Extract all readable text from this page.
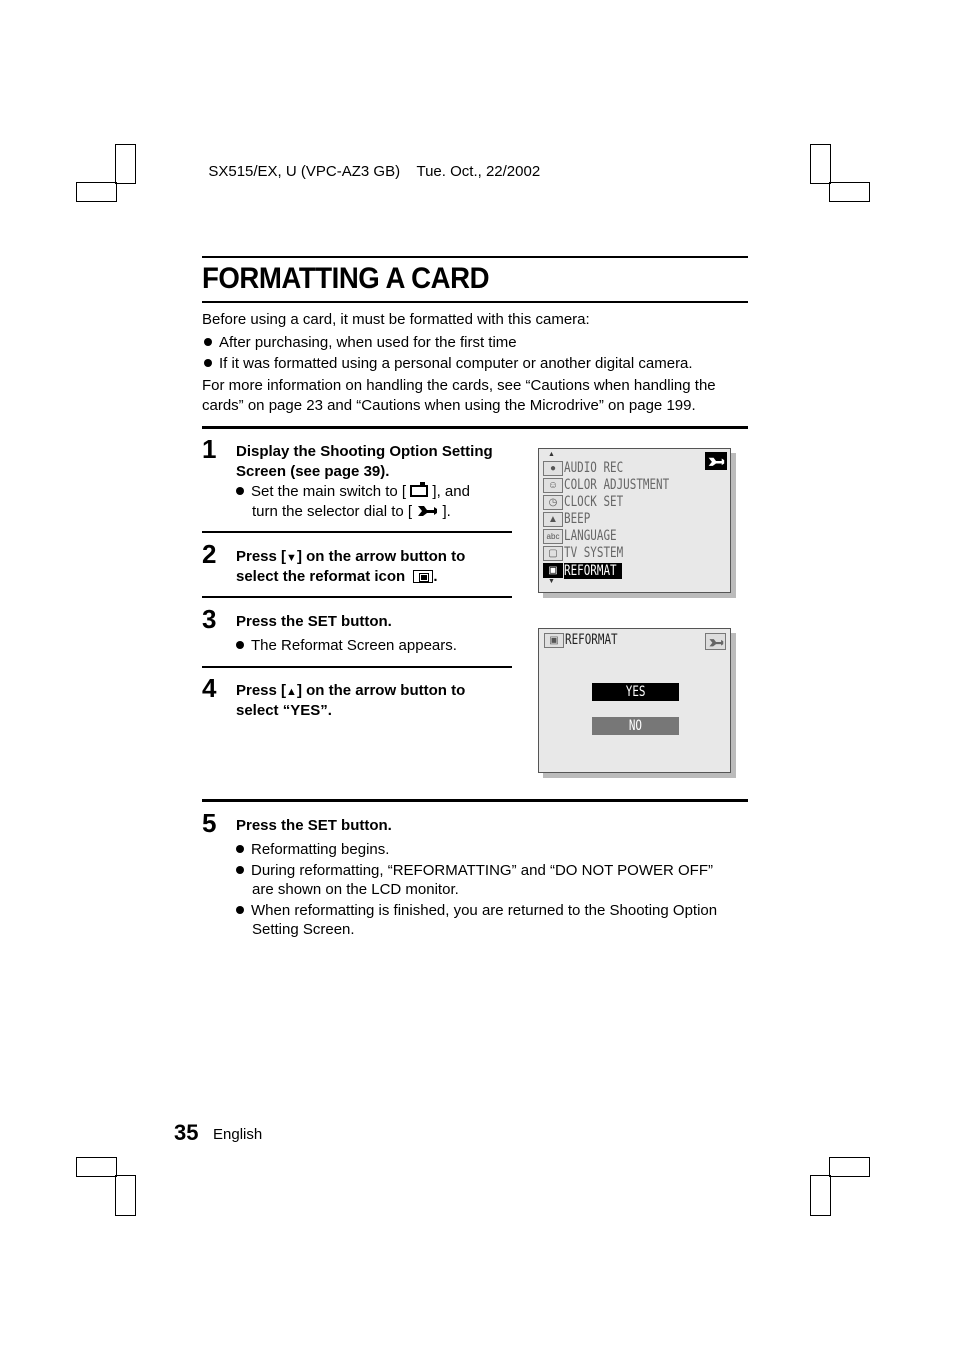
SX515/EX, U (VPC-AZ3 GB) Tue. Oct., 22/2002

FORMATTING A CARD
Before using a card, it must be formatted with this camera:
After purchasing, when used for the first time
If it was formatted using a personal computer or another digital camera.
For more information on handling the cards, see “Cautions when handling the
cards” on page 23 and “Cautions when using the Microdrive” on page 199.
1 Display the Shooting Option Setting
Screen (see page 39).
Set the main switch to [ ], and
turn the selector dial to [ ].
2 Press [▼] on the arrow button to
select the reformat icon .
3 Press the SET button.
The Reformat Screen appears.
4 Press [▲] on the arrow button to
select “YES”.
▲
▼
●
☺
◷
▲
abc
▢
▣
AUDIO REC
COLOR ADJUSTMENT
CLOCK SET
BEEP
LANGUAGE
TV SYSTEM
REFORMAT
▣ REFORMAT
YES
NO
5 Press the SET button.
Reformatting begins.
During reformatting, “REFORMATTING” and “DO NOT POWER OFF”
are shown on the LCD monitor.
When reformatting is finished, you are returned to the Shooting Option
Setting Screen.
35 English
